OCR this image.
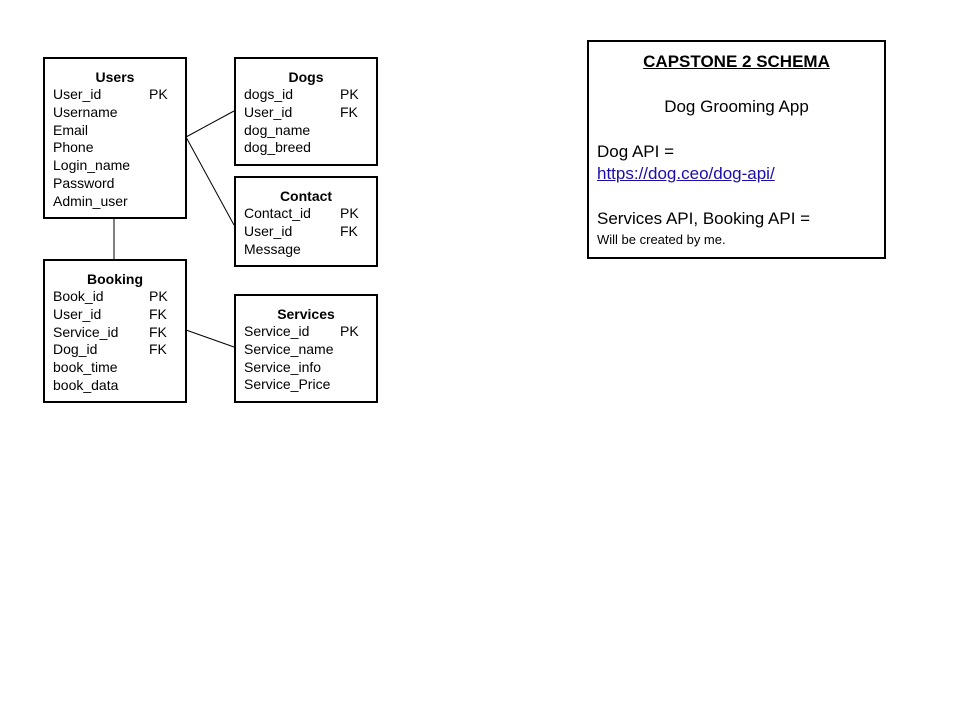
Users
User_id	PK
Username
Email
Phone
Login_name
Password
Admin_user
Dogs
dogs_id	PK
User_id	FK
dog_name
dog_breed
Contact
Contact_id PK
User_id	FK
Message
Booking
Book_id	PK
User_id	FK
Service_id FK
Dog_id	FK
book_time
book_data
Services
Service_id PK
Service_name
Service_info
Service_Price
CAPSTONE 2 SCHEMA
Dog Grooming App
Dog API =
https://dog.ceo/dog-api/
Services API, Booking API =
Will be created by me.
